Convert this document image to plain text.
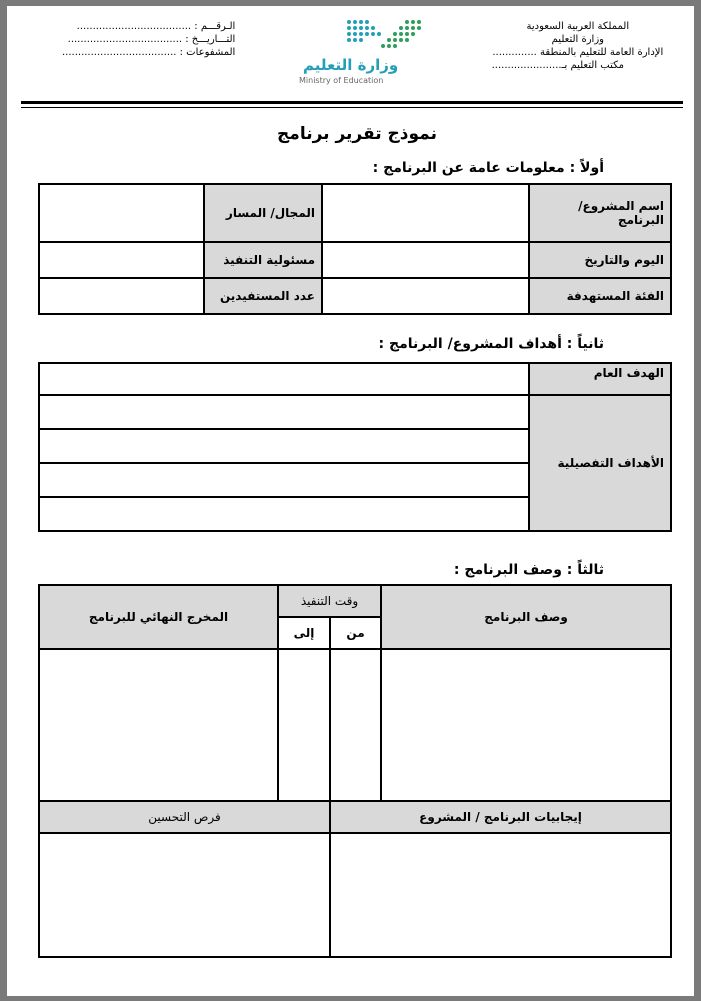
المملكة العربية السعودية
وزارة التعليم
الإدارة العامة للتعليم بالمنطقة ..............
مكتب التعليم بـ......................
الـرقـــم : ....................................
التـــاريـــخ : ....................................
المشفوعات : ....................................
وزارة التعليم
Ministry of Education
نموذج تقرير برنامج
أولاً : معلومات عامة عن البرنامج :
اسم المشروع/ البرنامج		المجال/ المسار	
اليوم والتاريخ		مسئولية التنفيذ	
الفئة المستهدفة		عدد المستفيدين	
ثانياً : أهداف المشروع/ البرنامج :
الهدف العام	
الأهداف التفصيلية	

ثالثاً : وصف البرنامج :
وصف البرنامج	وقت التنفيذ		المخرج النهائي للبرنامج
	من	إلى	

إيجابيات البرنامج / المشروع		فرص التحسين	
